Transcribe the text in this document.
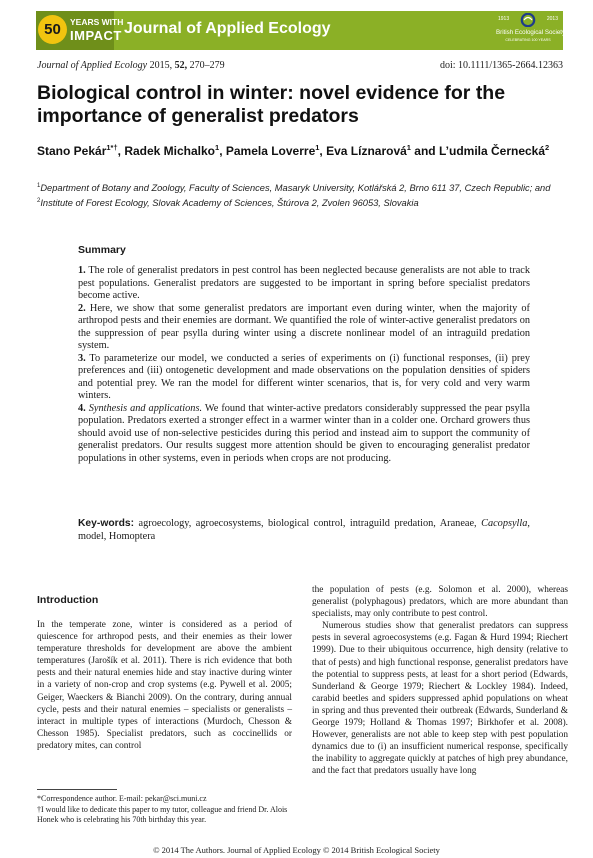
50	YEARS WITH
IMPACT Journal of Applied Ecology
1913	2013
British Ecological Society
CELEBRATING 100 YEARS
Journal of Applied Ecology 2015, 52, 270–279	doi: 10.1111/1365-2664.12363
Biological control in winter: novel evidence for the importance of generalist predators
Stano Pekár$^{1*\dagger}$, Radek Michalko$^1$, Pamela Loverre$^1$, Eva Líznarová$^1$ and L’udmila Černecká$^2$
$^1$Department of Botany and Zoology, Faculty of Sciences, Masaryk University, Kotlářská 2, Brno 611 37, Czech Republic; and $^2$Institute of Forest Ecology, Slovak Academy of Sciences, Štúrova 2, Zvolen 96053, Slovakia
Summary

1. The role of generalist predators in pest control has been neglected because generalists are not able to track pest populations. Generalist predators are suggested to be important in spring before specialist predators become active.

2. Here, we show that some generalist predators are important even during winter, when the majority of arthropod pests and their enemies are dormant. We quantified the role of winter-active generalist predators on the suppression of pear psylla during winter using a discrete nonlinear model of an intraguild predation system.

3. To parameterize our model, we conducted a series of experiments on (i) functional responses, (ii) prey preferences and (iii) ontogenetic development and made observations on the population densities of spiders and potential prey. We ran the model for different winter scenarios, that is, for very cold and very warm winters.

4. Synthesis and applications. We found that winter-active predators considerably suppressed the pear psylla population. Predators exerted a stronger effect in a warmer winter than in a colder one. Orchard growers thus should avoid use of non-selective pesticides during this period and instead aim to support the community of generalist predators. Our results suggest more attention should be given to encouraging generalist predator populations in other systems, even in periods when crops are not producing.

Key-words: agroecology, agroecosystems, biological control, intraguild predation, Araneae, Cacopsylla, model, Homoptera
Introduction

In the temperate zone, winter is considered as a period of quiescence for arthropod pests, and their enemies as their lower temperature thresholds for development are above the ambient temperatures (Jarošík et al. 2011). There is rich evidence that both pests and their natural enemies hide and stay inactive during winter in a variety of non-crop and crop systems (e.g. Pywell et al. 2005; Geiger, Waeckers & Bianchi 2009). On the contrary, during annual cycle, pests and their natural enemies – specialists or generalists – interact in multiple types of interactions (Murdoch, Chesson & Chesson 1985). Specialist predators, such as coccinellids or predatory mites, can control

the population of pests (e.g. Solomon et al. 2000), whereas generalist (polyphagous) predators, which are more abundant than specialists, may only contribute to pest control.

Numerous studies show that generalist predators can suppress pests in several agroecosystems (e.g. Fagan & Hurd 1994; Riechert 1999). Due to their ubiquitous occurrence, high density (relative to that of pests) and high functional response, generalist predators have the potential to suppress pests, at least for a short period (Edwards, Sunderland & George 1979; Riechert & Lockley 1984). Indeed, carabid beetles and spiders suppressed aphid populations on wheat in spring and thus prevented their outbreak (Edwards, Sunderland & George 1979; Holland & Thomas 1997; Birkhofer et al. 2008). However, generalists are not able to keep step with pest population dynamics due to (i) an insufficient numerical response, specifically the inability to aggregate quickly at patches of high prey abundance, and the fact that predators usually have long

*Correspondence author. E-mail: pekar@sci.muni.cz

†I would like to dedicate this paper to my tutor, colleague and friend Dr. Alois Honek who is celebrating his 70th birthday this year.

© 2014 The Authors. Journal of Applied Ecology © 2014 British Ecological Society
